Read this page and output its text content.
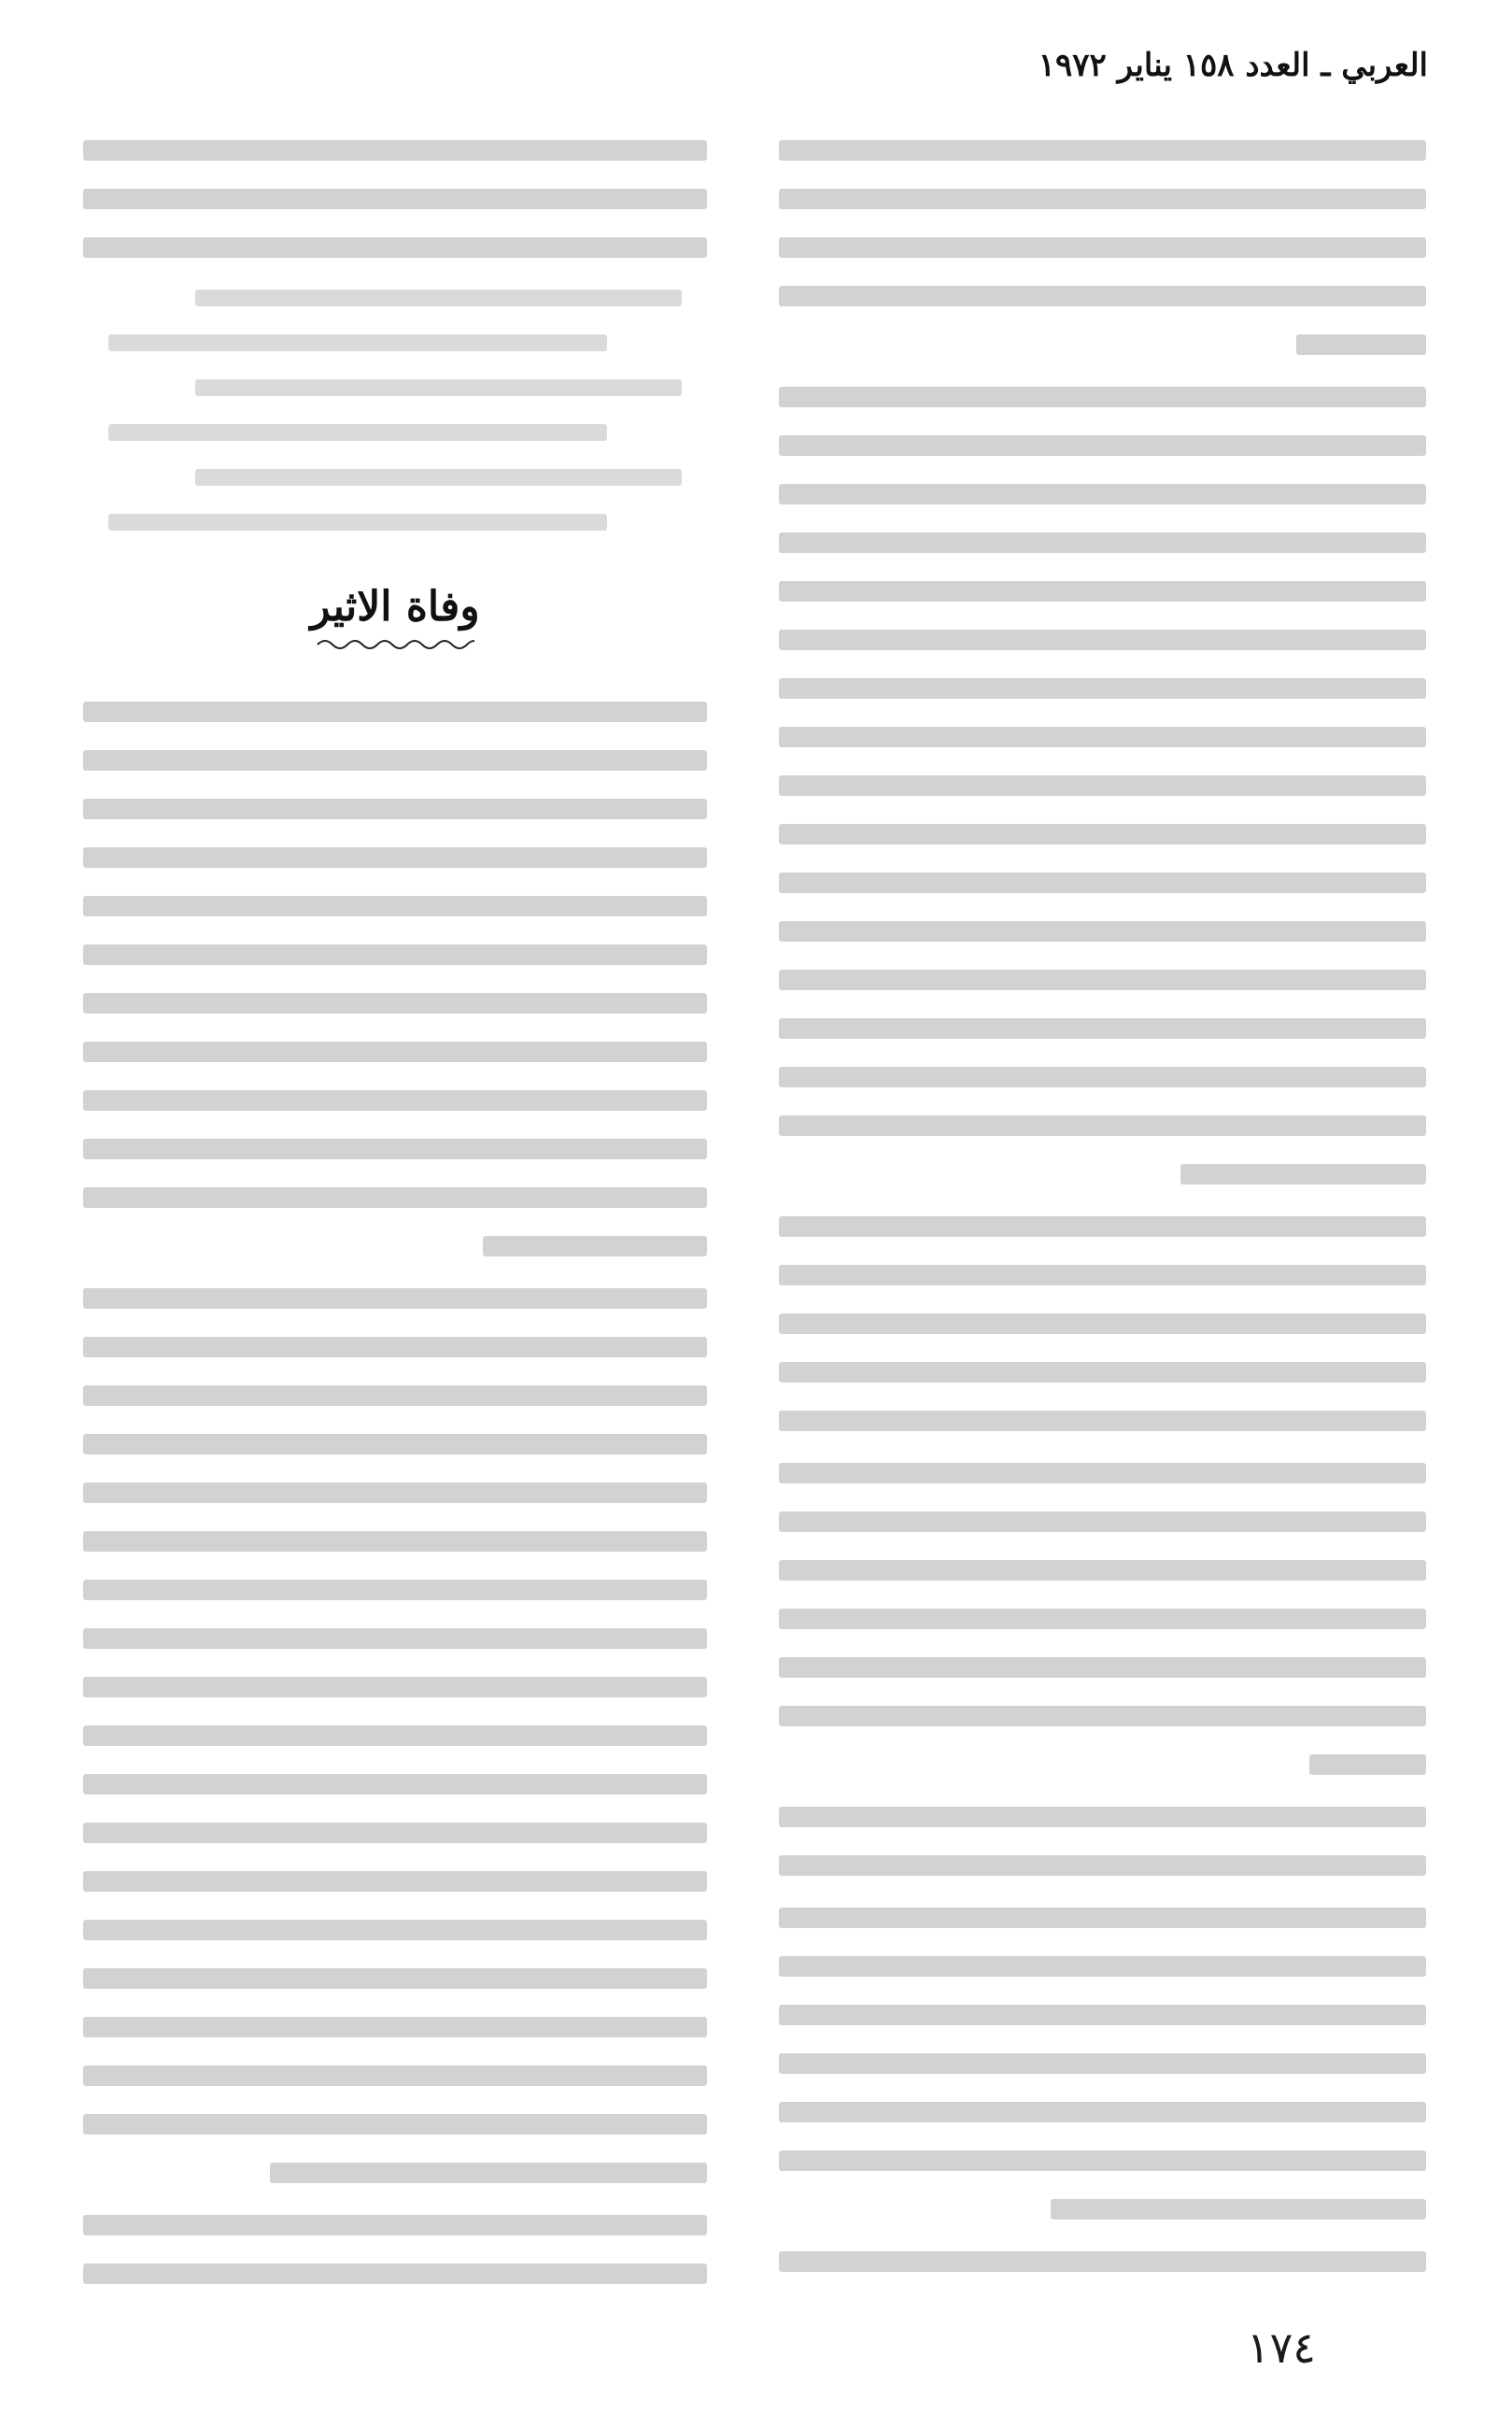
العربي ـ العدد ١٥٨ يناير ١٩٧٢
وفاة الاثير
١٧٤
